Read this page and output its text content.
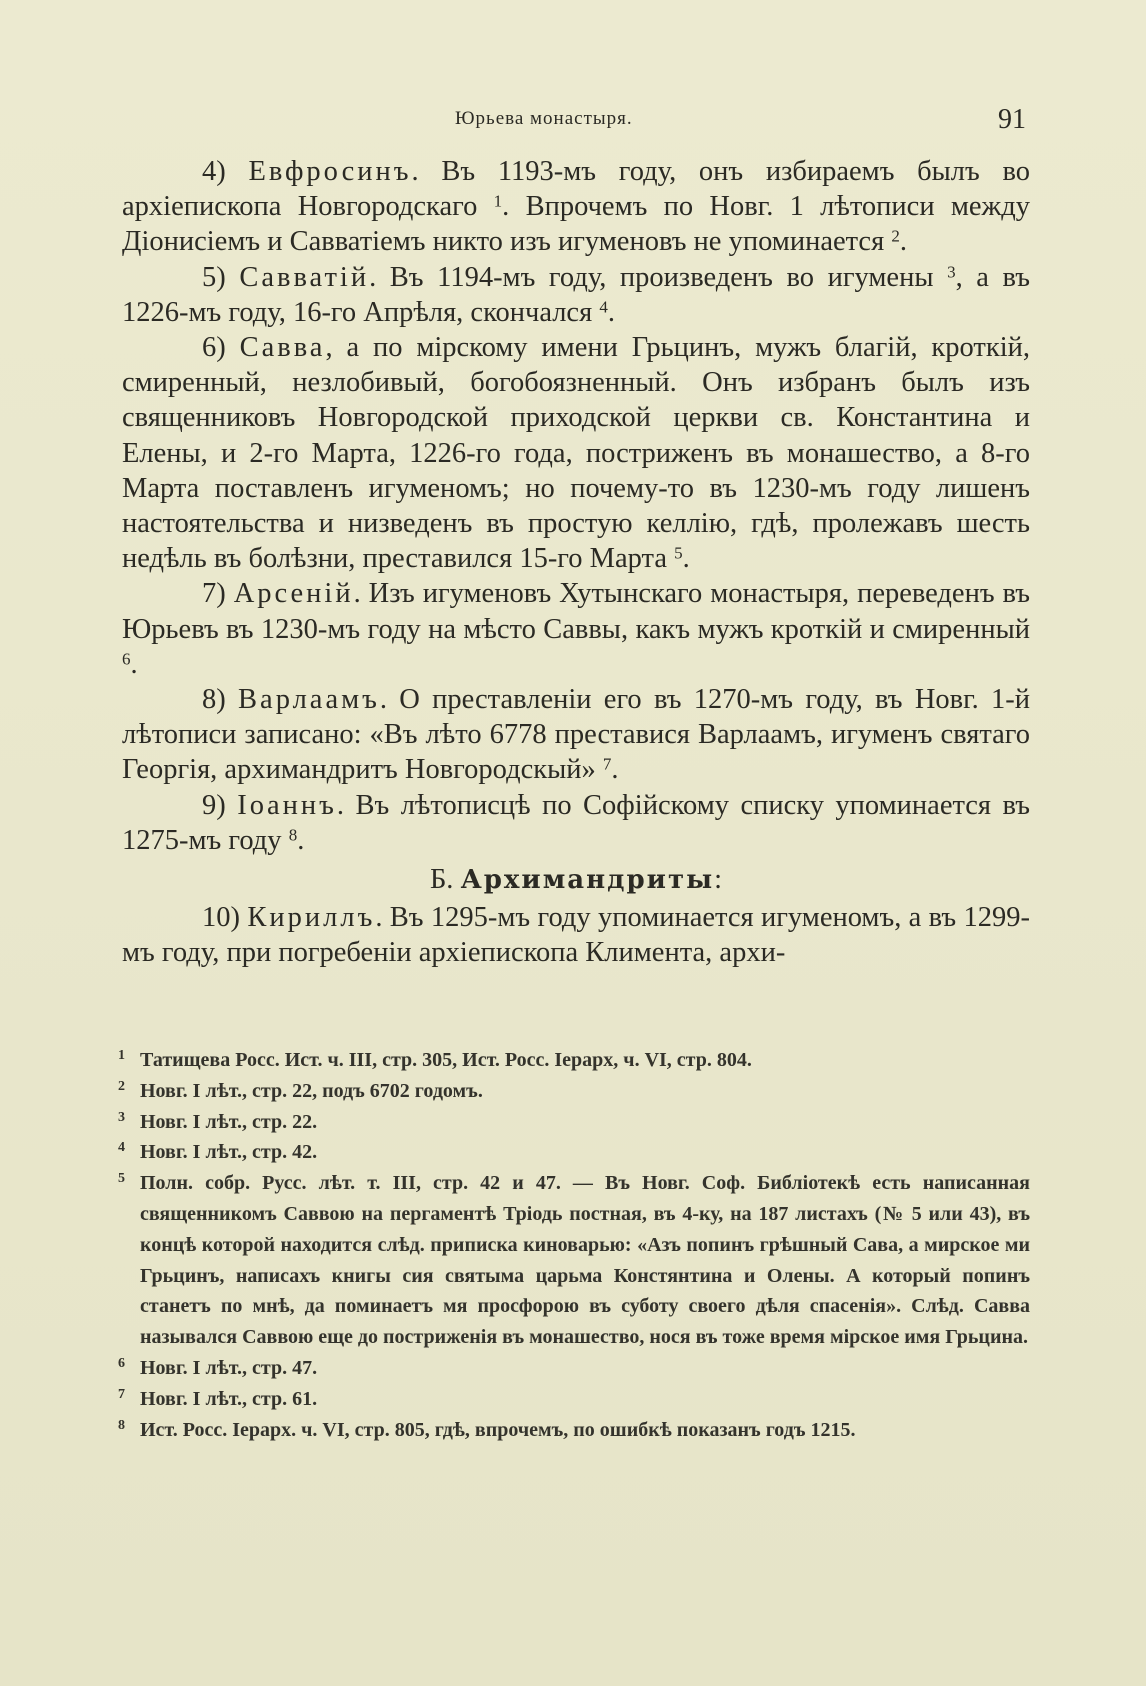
Юрьева монастыря.	91

4) Евфросинъ. Въ 1193-мъ году, онъ избираемъ былъ во архіепископа Новгородскаго $^1$. Впрочемъ по Новг. 1 лѣтописи между Діонисіемъ и Савватіемъ никто изъ игуменовъ не упоминается $^2$.

5) Савватій. Въ 1194-мъ году, произведенъ во игумены $^3$, а въ 1226-мъ году, 16-го Апрѣля, скончался $^4$.

6) Савва, а по мірскому имени Грьцинъ, мужъ благій, кроткій, смиренный, незлобивый, богобоязненный. Онъ избранъ былъ изъ священниковъ Новгородской приходской церкви св. Константина и Елены, и 2-го Марта, 1226-го года, постриженъ въ монашество, а 8-го Марта поставленъ игуменомъ; но почему-то въ 1230-мъ году лишенъ настоятельства и низведенъ въ простую келлію, гдѣ, пролежавъ шесть недѣль въ болѣзни, преставился 15-го Марта $^5$.

7) Арсеній. Изъ игуменовъ Хутынскаго монастыря, переведенъ въ Юрьевъ въ 1230-мъ году на мѣсто Саввы, какъ мужъ кроткій и смиренный $^6$.

8) Варлаамъ. О преставленіи его въ 1270-мъ году, въ Новг. 1-й лѣтописи записано: «Въ лѣто 6778 преставися Варлаамъ, игуменъ святаго Георгія, архимандритъ Новгородскый» $^7$.

9) Іоаннъ. Въ лѣтописцѣ по Софійскому списку упоминается въ 1275-мъ году $^8$.

Б. Архимандриты:

10) Кириллъ. Въ 1295-мъ году упоминается игуменомъ, а въ 1299-мъ году, при погребеніи архіепископа Климента, архи-

1 Татищева Росс. Ист. ч. III, стр. 305, Ист. Росс. Іерарх, ч. VI, стр. 804.
2 Новг. I лѣт., стр. 22, подъ 6702 годомъ.
3 Новг. I лѣт., стр. 22.
4 Новг. I лѣт., стр. 42.
5 Полн. собр. Русс. лѣт. т. III, стр. 42 и 47. — Въ Новг. Соф. Библіотекѣ есть написанная священникомъ Саввою на пергаментѣ Тріодь постная, въ 4-ку, на 187 листахъ (№ 5 или 43), въ концѣ которой находится слѣд. приписка киноварью: «Азъ попинъ грѣшный Сава, а мирское ми Грьцинъ, написахъ книгы сия святыма царьма Констянтина и Олены. А который попинъ станетъ по мнѣ, да поминаетъ мя просфорою въ суботу своего дѣля спасенія». Слѣд. Савва назывался Саввою еще до постриженія въ монашество, нося въ тоже время мірское имя Грьцина.
6 Новг. I лѣт., стр. 47.
7 Новг. I лѣт., стр. 61.
8 Ист. Росс. Іерарх. ч. VI, стр. 805, гдѣ, впрочемъ, по ошибкѣ показанъ годъ 1215.
